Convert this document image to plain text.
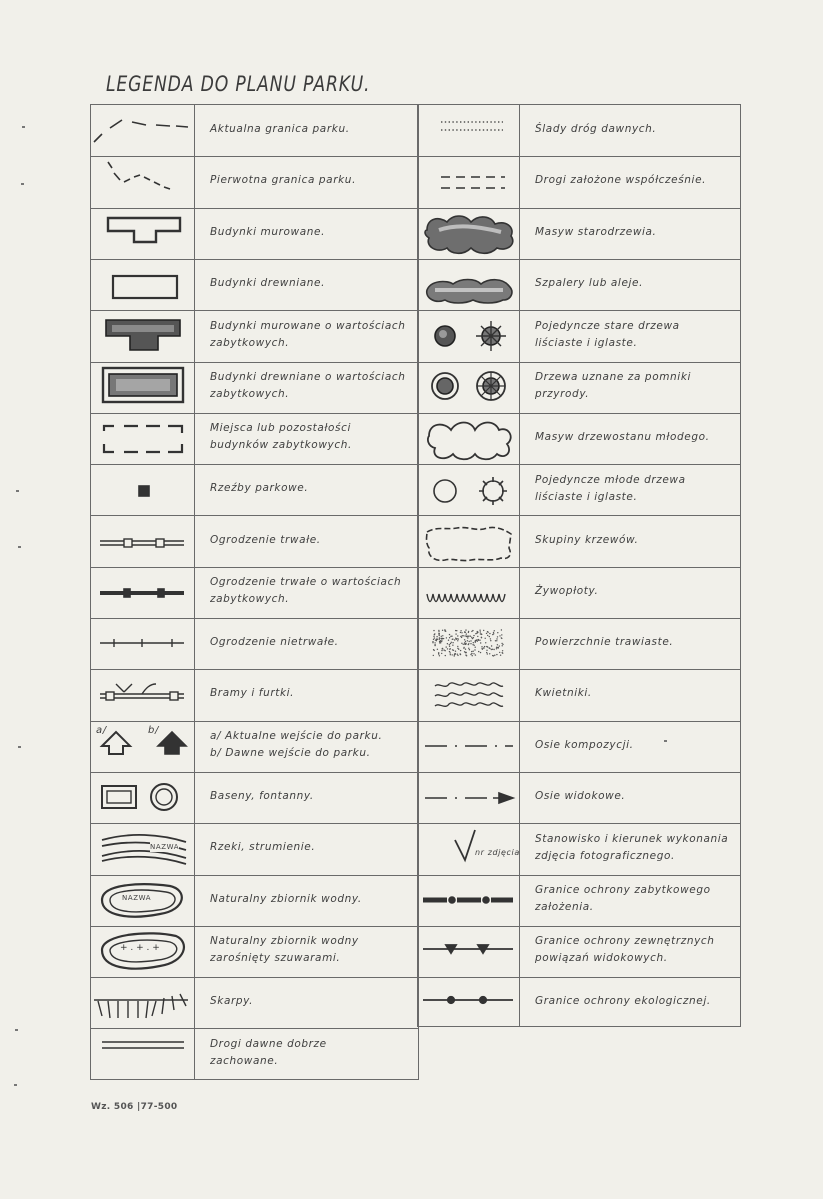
LEGENDA DO PLANU PARKU.
+ . + . +
a/	b/
NAZWA
NAZWA
nr zdjęcia
Wz. 506 |77-500
Aktualna granica parku.
Pierwotna granica parku.
Budynki murowane.
Budynki drewniane.
Budynki murowane o wartościach
zabytkowych.
Budynki drewniane o wartościach
zabytkowych.
Miejsca lub pozostałości
budynków zabytkowych.
Rzeźby parkowe.
Ogrodzenie trwałe.
Ogrodzenie trwałe o wartościach
zabytkowych.
Ogrodzenie nietrwałe.
Bramy i furtki.
a/ Aktualne wejście do parku.
b/ Dawne wejście do parku.
Baseny, fontanny.
Rzeki, strumienie.
Naturalny zbiornik wodny.
Naturalny zbiornik wodny
zarośnięty szuwarami.
Skarpy.
Drogi dawne dobrze
zachowane.
Ślady dróg dawnych.
Drogi założone współcześnie.
Masyw starodrzewia.
Szpalery lub aleje.
Pojedyncze stare drzewa
liściaste i iglaste.
Drzewa uznane za pomniki
przyrody.
Masyw drzewostanu młodego.
Pojedyncze młode drzewa
liściaste i iglaste.
Skupiny krzewów.
Żywopłoty.
Powierzchnie trawiaste.
Kwietniki.
Osie kompozycji.
Osie widokowe.
Stanowisko i kierunek wykonania
zdjęcia fotograficznego.
Granice ochrony zabytkowego
założenia.
Granice ochrony zewnętrznych
powiązań widokowych.
Granice ochrony ekologicznej.
